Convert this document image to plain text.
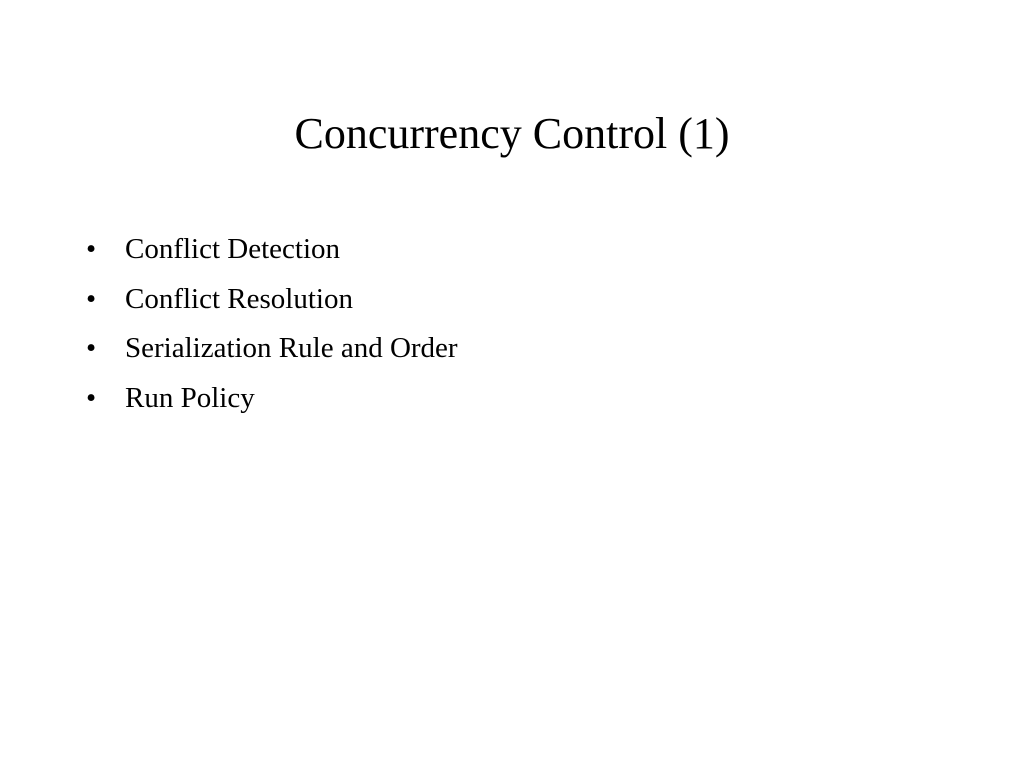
Concurrency Control (1)
• Conflict Detection
• Conflict Resolution
• Serialization Rule and Order
• Run Policy
